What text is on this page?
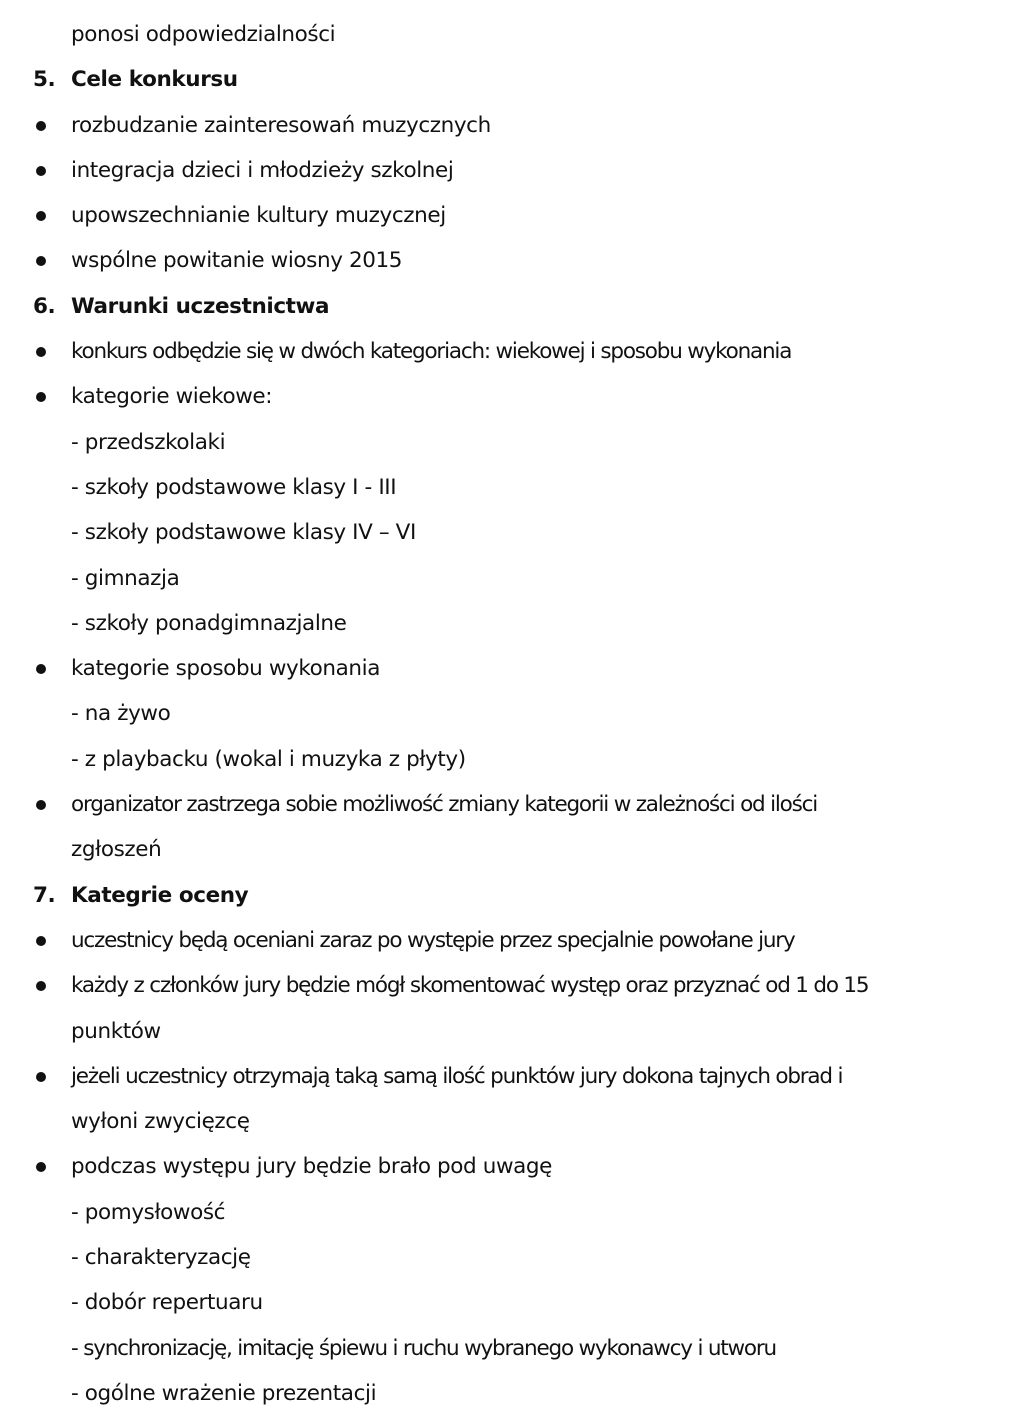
ponosi odpowiedzialności
5. Cele konkursu
rozbudzanie zainteresowań muzycznych
integracja dzieci i młodzieży szkolnej
upowszechnianie kultury muzycznej
wspólne powitanie wiosny 2015
6. Warunki uczestnictwa
konkurs odbędzie się w dwóch kategoriach: wiekowej i sposobu wykonania
kategorie wiekowe:
- przedszkolaki
- szkoły podstawowe klasy I - III
- szkoły podstawowe klasy IV – VI
- gimnazja
- szkoły ponadgimnazjalne
kategorie sposobu wykonania
- na żywo
- z playbacku (wokal i muzyka z płyty)
organizator zastrzega sobie możliwość zmiany kategorii w zależności od ilości
zgłoszeń
7. Kategrie oceny
uczestnicy będą oceniani zaraz po występie przez specjalnie powołane jury
każdy z członków jury będzie mógł skomentować występ oraz przyznać od 1 do 15
punktów
jeżeli uczestnicy otrzymają taką samą ilość punktów jury dokona tajnych obrad i
wyłoni zwycięzcę
podczas występu jury będzie brało pod uwagę
- pomysłowość
- charakteryzację
- dobór repertuaru
- synchronizację, imitację śpiewu i ruchu wybranego wykonawcy i utworu
- ogólne wrażenie prezentacji
